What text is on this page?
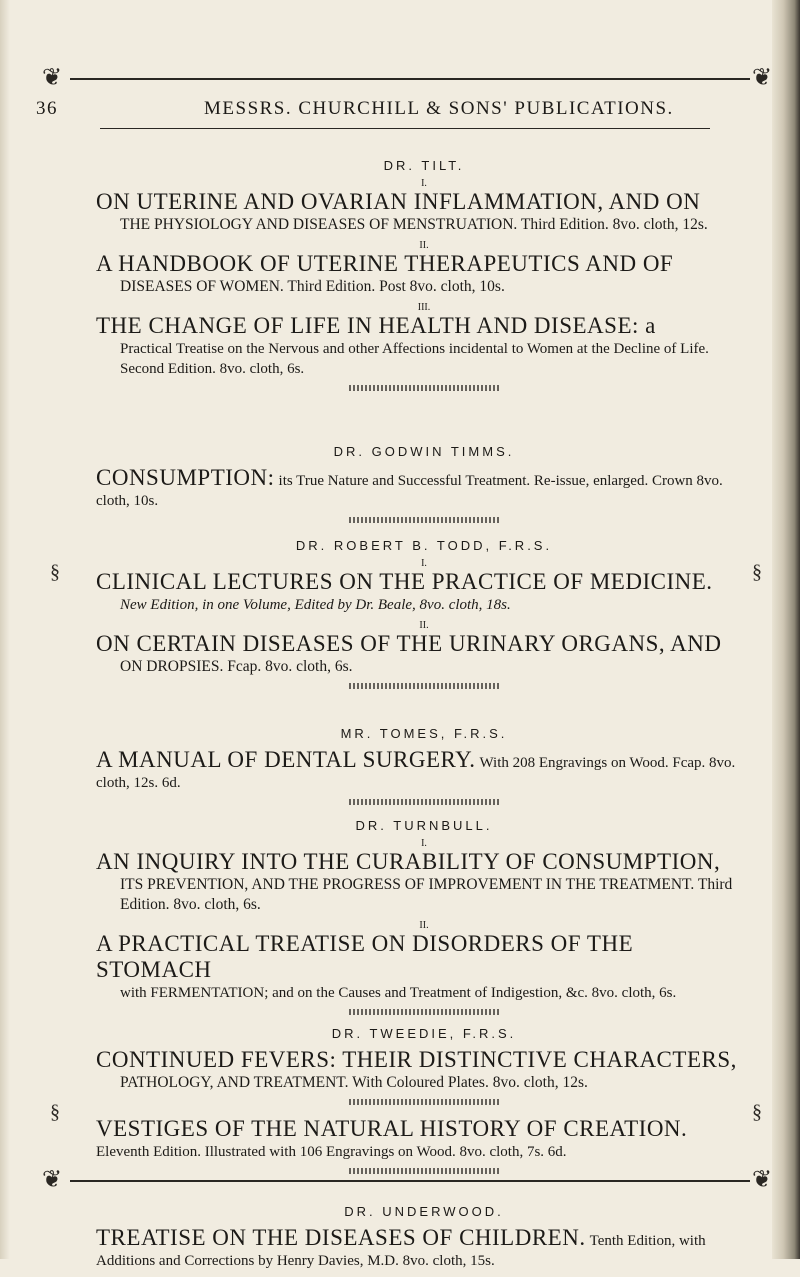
❦	❦
36	MESSRS. CHURCHILL & SONS' PUBLICATIONS.
DR. TILT.
I.
ON UTERINE AND OVARIAN INFLAMMATION, AND ON
THE PHYSIOLOGY AND DISEASES OF MENSTRUATION. Third Edition. 8vo. cloth, 12s.
II.
A HANDBOOK OF UTERINE THERAPEUTICS AND OF
DISEASES OF WOMEN. Third Edition. Post 8vo. cloth, 10s.
III.
THE CHANGE OF LIFE IN HEALTH AND DISEASE: a
Practical Treatise on the Nervous and other Affections incidental to Women at the Decline of Life. Second Edition. 8vo. cloth, 6s.
DR. GODWIN TIMMS.
CONSUMPTION: its True Nature and Successful Treatment. Re-issue, enlarged. Crown 8vo. cloth, 10s.
DR. ROBERT B. TODD, F.R.S.
I.
CLINICAL LECTURES ON THE PRACTICE OF MEDICINE.
New Edition, in one Volume, Edited by Dr. Beale, 8vo. cloth, 18s.
II.
ON CERTAIN DISEASES OF THE URINARY ORGANS, AND
ON DROPSIES. Fcap. 8vo. cloth, 6s.
MR. TOMES, F.R.S.
A MANUAL OF DENTAL SURGERY. With 208 Engravings on Wood. Fcap. 8vo. cloth, 12s. 6d.
DR. TURNBULL.
I.
AN INQUIRY INTO THE CURABILITY OF CONSUMPTION,
ITS PREVENTION, AND THE PROGRESS OF IMPROVEMENT IN THE TREATMENT. Third Edition. 8vo. cloth, 6s.
II.
A PRACTICAL TREATISE ON DISORDERS OF THE STOMACH
with FERMENTATION; and on the Causes and Treatment of Indigestion, &c. 8vo. cloth, 6s.
DR. TWEEDIE, F.R.S.
CONTINUED FEVERS: THEIR DISTINCTIVE CHARACTERS,
PATHOLOGY, AND TREATMENT. With Coloured Plates. 8vo. cloth, 12s.
VESTIGES OF THE NATURAL HISTORY OF CREATION.
Eleventh Edition. Illustrated with 106 Engravings on Wood. 8vo. cloth, 7s. 6d.
DR. UNDERWOOD.
TREATISE ON THE DISEASES OF CHILDREN. Tenth Edition, with Additions and Corrections by Henry Davies, M.D. 8vo. cloth, 15s.
❦	❦
§	§
§	§
